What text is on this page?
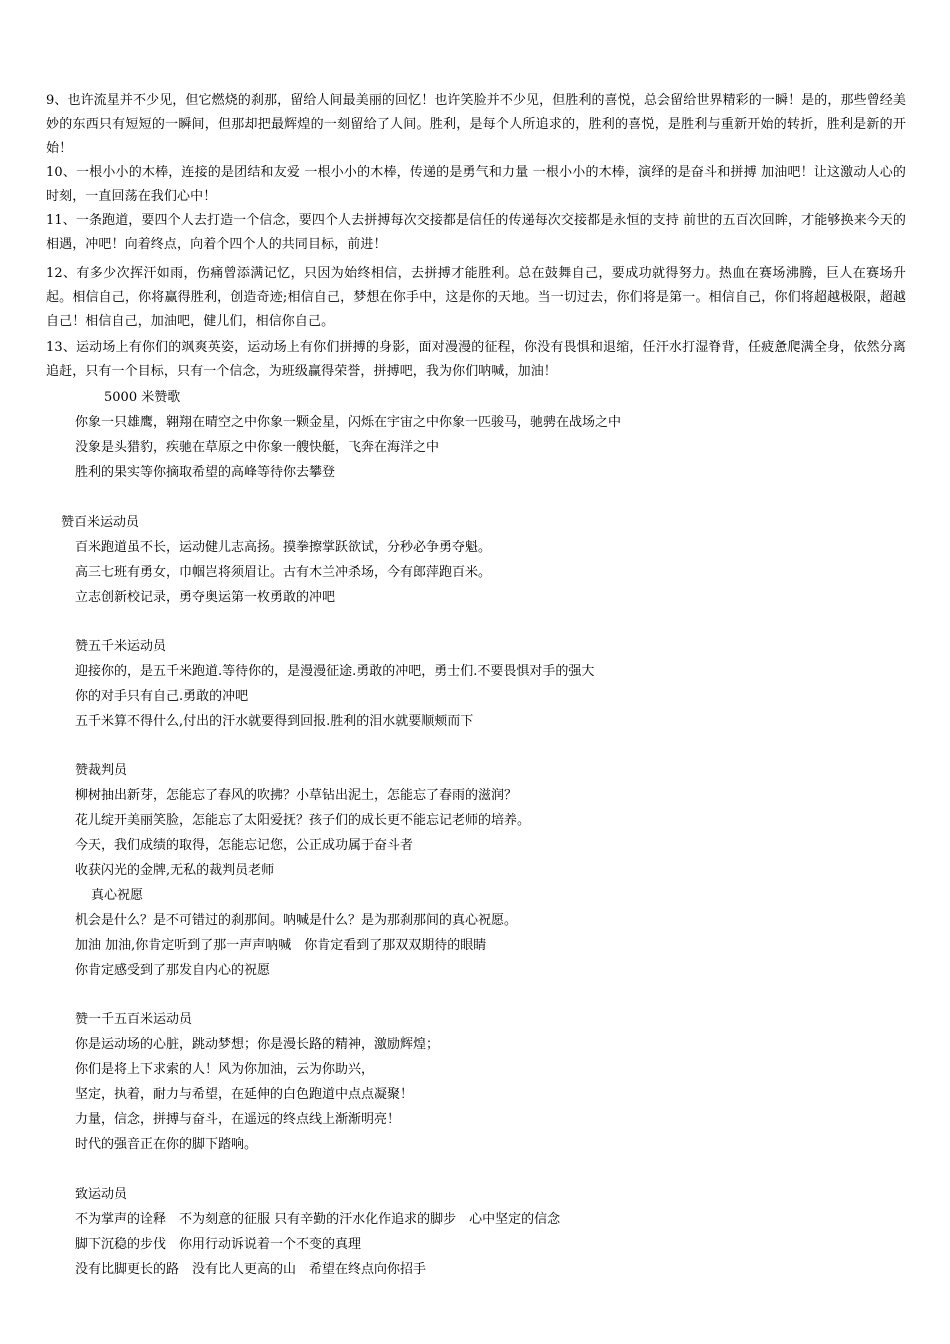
9、也许流星并不少见，但它燃烧的刹那，留给人间最美丽的回忆！也许笑脸并不少见，但胜利的喜悦，总会留给世界精彩的一瞬！是的，那些曾经美妙的东西只有短短的一瞬间，但那却把最辉煌的一刻留给了人间。胜利，是每个人所追求的，胜利的喜悦，是胜利与重新开始的转折，胜利是新的开始！
10、一根小小的木棒，连接的是团结和友爱 一根小小的木棒，传递的是勇气和力量 一根小小的木棒，演绎的是奋斗和拼搏 加油吧！让这激动人心的时刻，一直回荡在我们心中！
11、一条跑道，要四个人去打造一个信念，要四个人去拼搏每次交接都是信任的传递每次交接都是永恒的支持 前世的五百次回眸，才能够换来今天的相遇，冲吧！向着终点，向着个四个人的共同目标，前进！
12、有多少次挥汗如雨，伤痛曾添满记忆，只因为始终相信，去拼搏才能胜利。总在鼓舞自己，要成功就得努力。热血在赛场沸腾，巨人在赛场升起。相信自己，你将赢得胜利，创造奇迹;相信自己，梦想在你手中，这是你的天地。当一切过去，你们将是第一。相信自己，你们将超越极限，超越自己！相信自己，加油吧，健儿们，相信你自己。
13、运动场上有你们的飒爽英姿，运动场上有你们拼搏的身影，面对漫漫的征程，你没有畏惧和退缩，任汗水打湿脊背，任疲惫爬满全身，依然分离追赶，只有一个目标，只有一个信念，为班级赢得荣誉，拼搏吧，我为你们呐喊，加油！
5000 米赞歌
你象一只雄鹰，翱翔在晴空之中你象一颗金星，闪烁在宇宙之中你象一匹骏马，驰骋在战场之中
没象是头猎豹，疾驰在草原之中你象一艘快艇，飞奔在海洋之中
胜利的果实等你摘取希望的高峰等待你去攀登
赞百米运动员
百米跑道虽不长，运动健儿志高扬。摸拳擦掌跃欲试，分秒必争勇夺魁。
高三七班有勇女，巾帼岂将须眉让。古有木兰冲杀场，今有郎萍跑百米。
立志创新校记录，勇夺奥运第一枚勇敢的冲吧
赞五千米运动员
迎接你的，是五千米跑道.等待你的，是漫漫征途.勇敢的冲吧，勇士们.不要畏惧对手的强大
你的对手只有自己.勇敢的冲吧
五千米算不得什么,付出的汗水就要得到回报.胜利的泪水就要顺颊而下
赞裁判员
柳树抽出新芽，怎能忘了春风的吹拂？小草钻出泥土，怎能忘了春雨的滋润？
花儿绽开美丽笑脸，怎能忘了太阳爱抚？孩子们的成长更不能忘记老师的培养。
今天，我们成绩的取得，怎能忘记您，公正成功属于奋斗者
收获闪光的金牌,无私的裁判员老师
真心祝愿
机会是什么？是不可错过的刹那间。呐喊是什么？是为那刹那间的真心祝愿。
加油 加油,你肯定听到了那一声声呐喊　你肯定看到了那双双期待的眼睛
你肯定感受到了那发自内心的祝愿
赞一千五百米运动员
你是运动场的心脏，跳动梦想；你是漫长路的精神，激励辉煌；
你们是将上下求索的人！风为你加油，云为你助兴，
坚定，执着，耐力与希望，在延伸的白色跑道中点点凝聚！
力量，信念，拼搏与奋斗，在遥远的终点线上渐渐明亮！
时代的强音正在你的脚下踏响。
致运动员
不为掌声的诠释　不为刻意的征服 只有辛勤的汗水化作追求的脚步　心中坚定的信念
脚下沉稳的步伐　你用行动诉说着一个不变的真理
没有比脚更长的路　没有比人更高的山　希望在终点向你招手
